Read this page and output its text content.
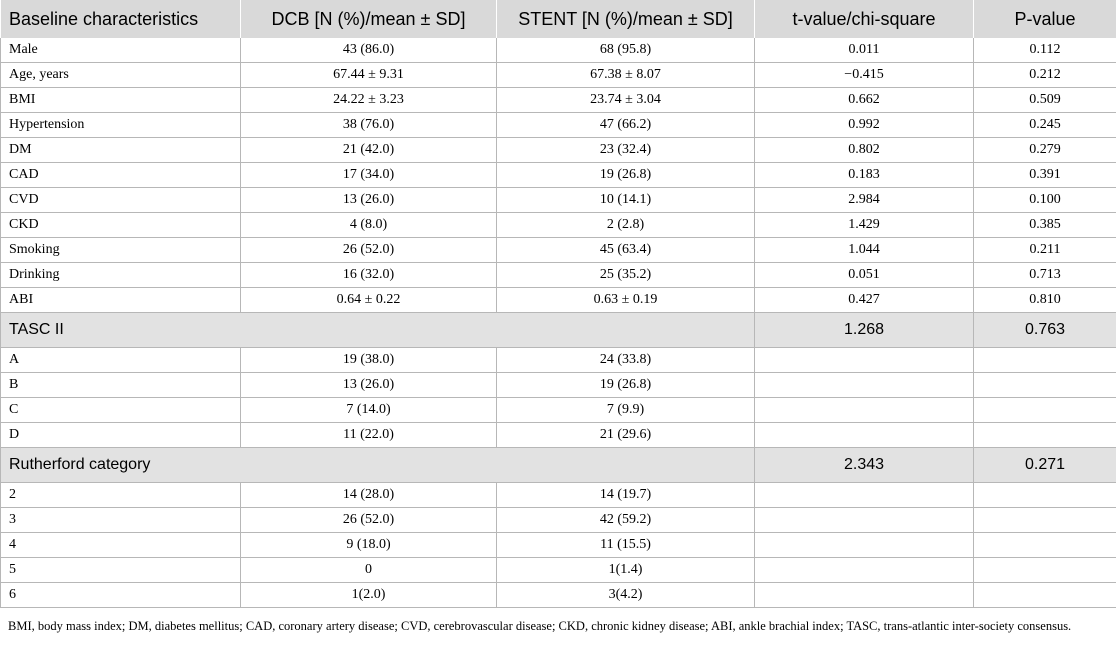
Baseline characteristics	DCB [N (%)/mean ± SD]	STENT [N (%)/mean ± SD]	t-value/chi-square	P-value
Male	43 (86.0)	68 (95.8)	0.011	0.112
Age, years	67.44 ± 9.31	67.38 ± 8.07	−0.415	0.212
BMI	24.22 ± 3.23	23.74 ± 3.04	0.662	0.509
Hypertension	38 (76.0)	47 (66.2)	0.992	0.245
DM	21 (42.0)	23 (32.4)	0.802	0.279
CAD	17 (34.0)	19 (26.8)	0.183	0.391
CVD	13 (26.0)	10 (14.1)	2.984	0.100
CKD	4 (8.0)	2 (2.8)	1.429	0.385
Smoking	26 (52.0)	45 (63.4)	1.044	0.211
Drinking	16 (32.0)	25 (35.2)	0.051	0.713
ABI	0.64 ± 0.22	0.63 ± 0.19	0.427	0.810
TASC II			1.268	0.763
A	19 (38.0)	24 (33.8)		
B	13 (26.0)	19 (26.8)		
C	7 (14.0)	7 (9.9)		
D	11 (22.0)	21 (29.6)		
Rutherford category			2.343	0.271
2	14 (28.0)	14 (19.7)		
3	26 (52.0)	42 (59.2)		
4	9 (18.0)	11 (15.5)		
5	0	1(1.4)		
6	1(2.0)	3(4.2)		
BMI, body mass index; DM, diabetes mellitus; CAD, coronary artery disease; CVD, cerebrovascular disease; CKD, chronic kidney disease; ABI, ankle brachial index; TASC, trans-atlantic inter-society consensus.
